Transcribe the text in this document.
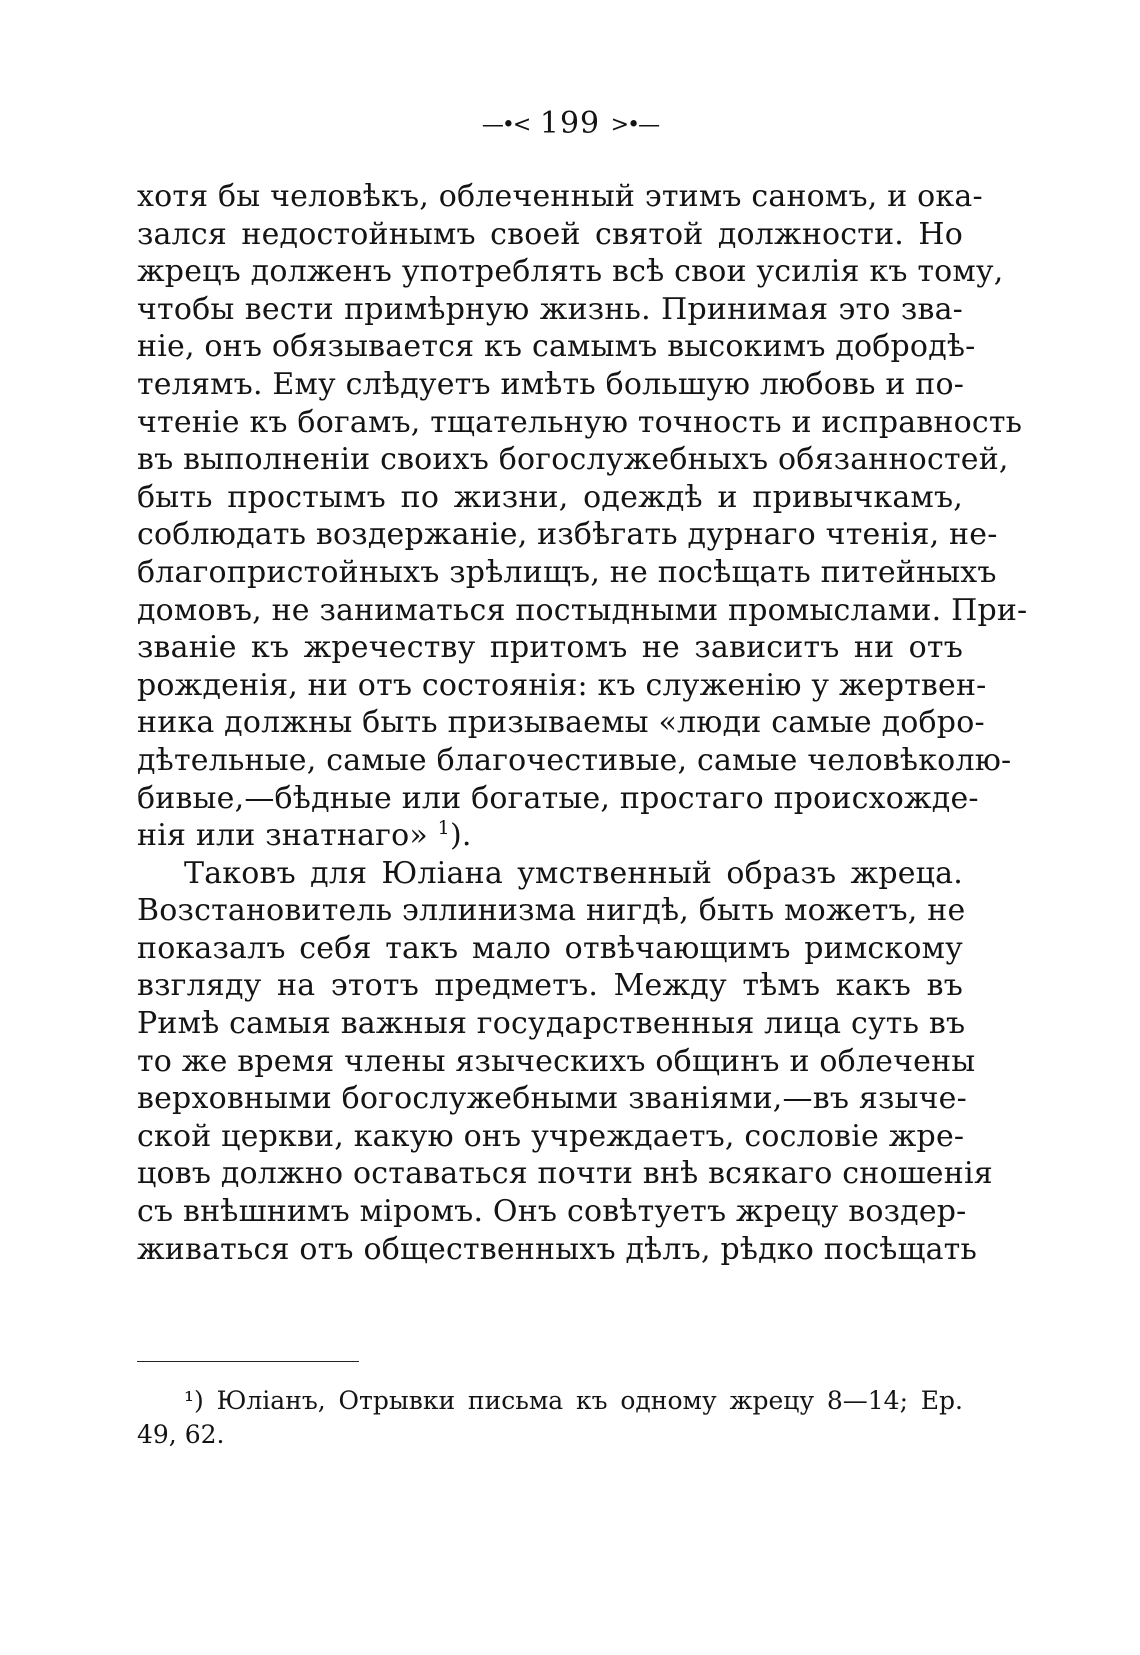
—•< 199 >•—
хотя бы человѣкъ, облеченный этимъ саномъ, и ока-
зался недостойнымъ своей святой должности. Но
жрецъ долженъ употреблять всѣ свои усилія къ тому,
чтобы вести примѣрную жизнь. Принимая это зва-
ніе, онъ обязывается къ самымъ высокимъ добродѣ-
телямъ. Ему слѣдуетъ имѣть большую любовь и по-
чтеніе къ богамъ, тщательную точность и исправность
въ выполненіи своихъ богослужебныхъ обязанностей,
быть простымъ по жизни, одеждѣ и привычкамъ,
соблюдать воздержаніе, избѣгать дурнаго чтенія, не-
благопристойныхъ зрѣлищъ, не посѣщать питейныхъ
домовъ, не заниматься постыдными промыслами. При-
званіе къ жречеству притомъ не зависитъ ни отъ
рожденія, ни отъ состоянія: къ служенію у жертвен-
ника должны быть призываемы «люди самые добро-
дѣтельные, самые благочестивые, самые человѣколю-
бивые,—бѣдные или богатые, простаго происхожде-
нія или знатнаго» $^1$).
Таковъ для Юліана умственный образъ жреца.
Возстановитель эллинизма нигдѣ, быть можетъ, не
показалъ себя такъ мало отвѣчающимъ римскому
взгляду на этотъ предметъ. Между тѣмъ какъ въ
Римѣ самыя важныя государственныя лица суть въ
то же время члены языческихъ общинъ и облечены
верховными богослужебными званіями,—въ языче-
ской церкви, какую онъ учреждаетъ, сословіе жре-
цовъ должно оставаться почти внѣ всякаго сношенія
съ внѣшнимъ міромъ. Онъ совѣтуетъ жрецу воздер-
живаться отъ общественныхъ дѣлъ, рѣдко посѣщать
¹) Юліанъ, Отрывки письма къ одному жрецу 8—14; Ep.
49, 62.
